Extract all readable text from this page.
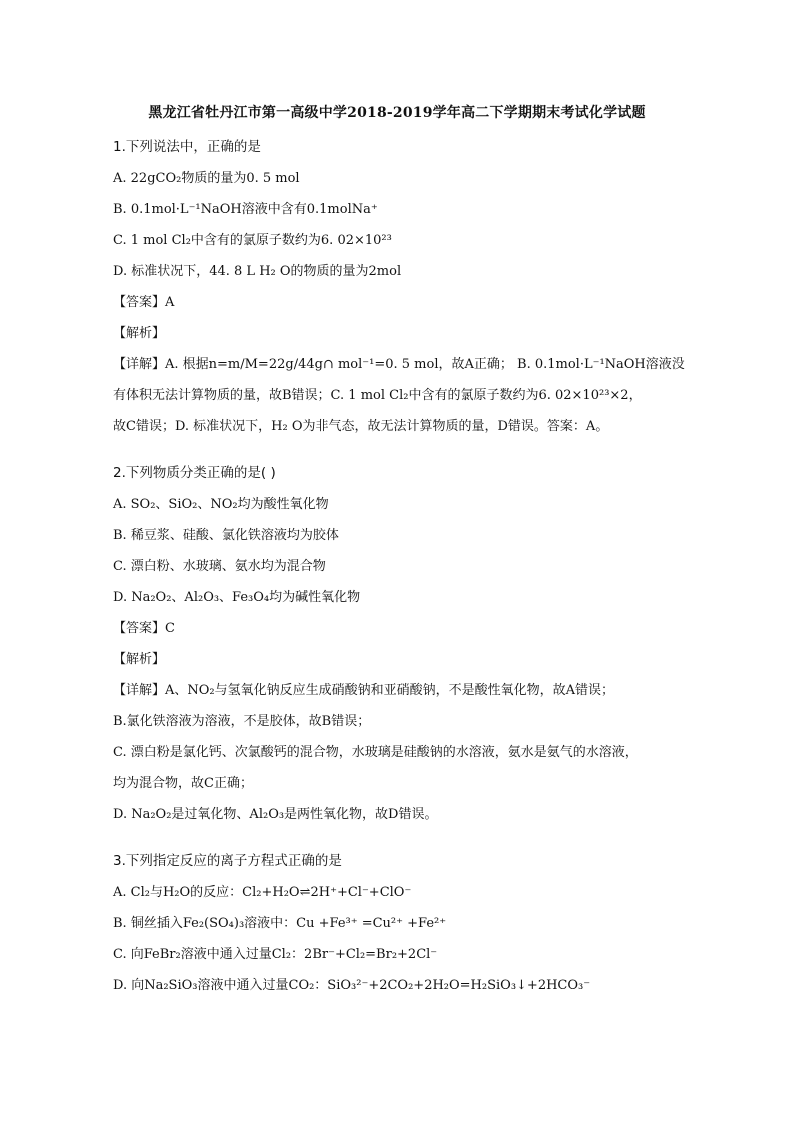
黑龙江省牡丹江市第一高级中学2018-2019学年高二下学期期末考试化学试题
1.下列说法中，正确的是
A. 22gCO₂物质的量为0. 5 mol
B. 0.1mol·L⁻¹NaOH溶液中含有0.1molNa⁺
C. 1 mol Cl₂中含有的氯原子数约为6. 02×10²³
D. 标准状况下，44. 8 L H₂ O的物质的量为2mol
【答案】A
【解析】
【详解】A. 根据n=m/M=22g/44g∩ mol⁻¹=0. 5 mol，故A正确； B. 0.1mol·L⁻¹NaOH溶液没
有体积无法计算物质的量，故B错误；C. 1 mol Cl₂中含有的氯原子数约为6. 02×10²³×2，
故C错误；D. 标准状况下，H₂ O为非气态，故无法计算物质的量，D错误。答案：A。
2.下列物质分类正确的是( )
A. SO₂、SiO₂、NO₂均为酸性氧化物
B. 稀豆浆、硅酸、氯化铁溶液均为胶体
C. 漂白粉、水玻璃、氨水均为混合物
D. Na₂O₂、Al₂O₃、Fe₃O₄均为碱性氧化物
【答案】C
【解析】
【详解】A、NO₂与氢氧化钠反应生成硝酸钠和亚硝酸钠，不是酸性氧化物，故A错误；
B.氯化铁溶液为溶液，不是胶体，故B错误；
C. 漂白粉是氯化钙、次氯酸钙的混合物，水玻璃是硅酸钠的水溶液，氨水是氨气的水溶液，
均为混合物，故C正确；
D. Na₂O₂是过氧化物、Al₂O₃是两性氧化物，故D错误。
3.下列指定反应的离子方程式正确的是
A. Cl₂与H₂O的反应：Cl₂+H₂O⇌2H⁺+Cl⁻+ClO⁻
B. 铜丝插入Fe₂(SO₄)₃溶液中：Cu +Fe³⁺ =Cu²⁺ +Fe²⁺
C. 向FeBr₂溶液中通入过量Cl₂：2Br⁻+Cl₂=Br₂+2Cl⁻
D. 向Na₂SiO₃溶液中通入过量CO₂：SiO₃²⁻+2CO₂+2H₂O=H₂SiO₃↓+2HCO₃⁻
